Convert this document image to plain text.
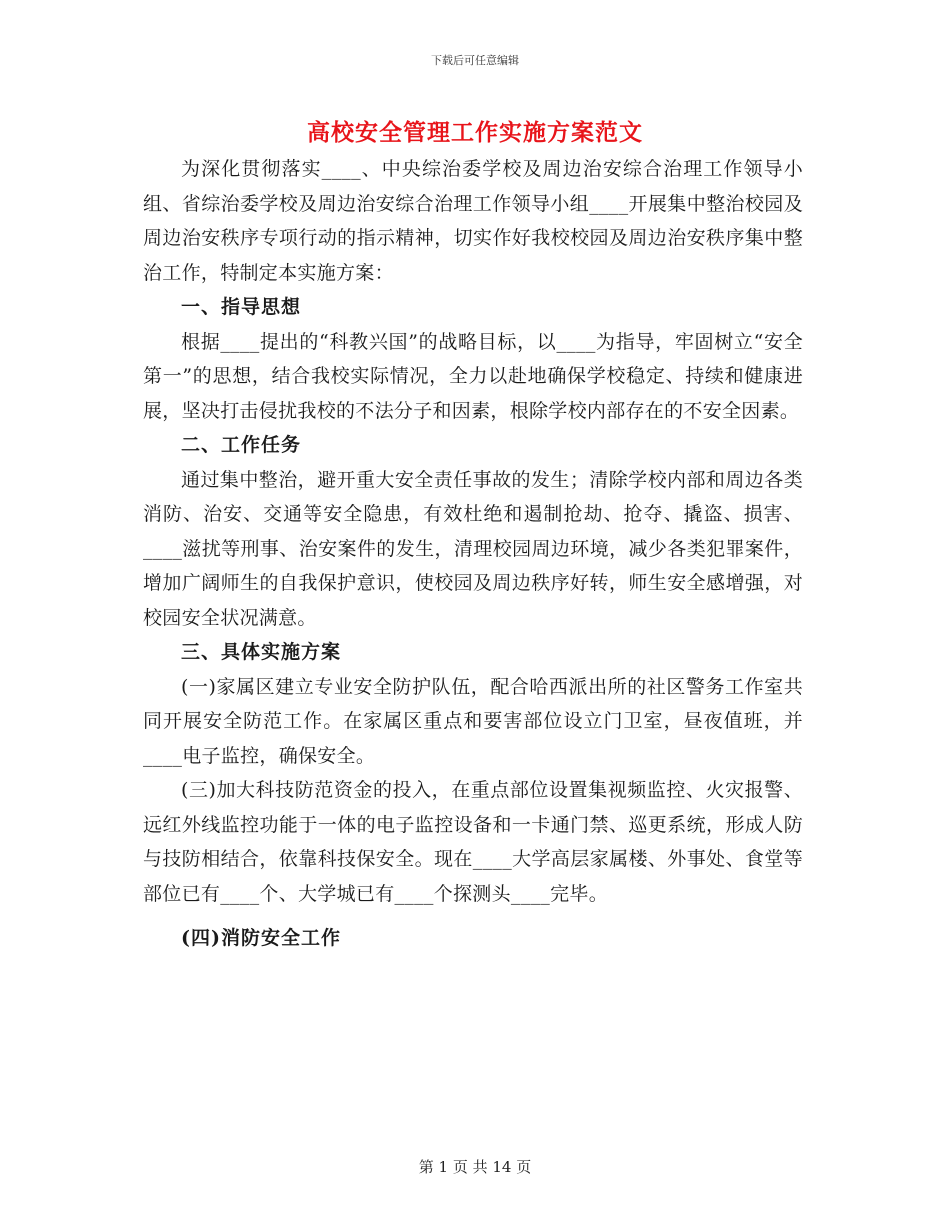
下载后可任意编辑
高校安全管理工作实施方案范文

为深化贯彻落实____、中央综治委学校及周边治安综合治理工作领导小组、省综治委学校及周边治安综合治理工作领导小组____开展集中整治校园及周边治安秩序专项行动的指示精神，切实作好我校校园及周边治安秩序集中整治工作，特制定本实施方案：

一、指导思想

根据____提出的“科教兴国”的战略目标，以____为指导，牢固树立“安全第一”的思想，结合我校实际情况，全力以赴地确保学校稳定、持续和健康进展，坚决打击侵扰我校的不法分子和因素，根除学校内部存在的不安全因素。

二、工作任务

通过集中整治，避开重大安全责任事故的发生；清除学校内部和周边各类消防、治安、交通等安全隐患，有效杜绝和遏制抢劫、抢夺、撬盗、损害、____滋扰等刑事、治安案件的发生，清理校园周边环境，减少各类犯罪案件，增加广阔师生的自我保护意识，使校园及周边秩序好转，师生安全感增强，对校园安全状况满意。

三、具体实施方案

(一)家属区建立专业安全防护队伍，配合哈西派出所的社区警务工作室共同开展安全防范工作。在家属区重点和要害部位设立门卫室，昼夜值班，并____电子监控，确保安全。

(三)加大科技防范资金的投入，在重点部位设置集视频监控、火灾报警、远红外线监控功能于一体的电子监控设备和一卡通门禁、巡更系统，形成人防与技防相结合，依靠科技保安全。现在____大学高层家属楼、外事处、食堂等部位已有____个、大学城已有____个探测头____完毕。

(四)消防安全工作
第 1 页 共 14 页
